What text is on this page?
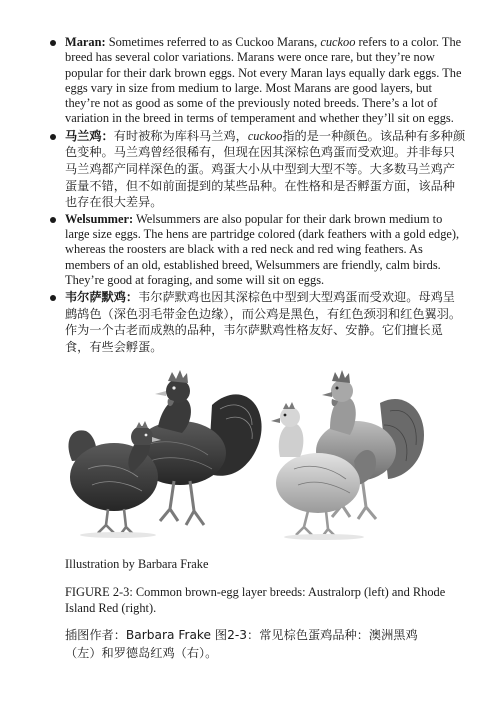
Maran: Sometimes referred to as Cuckoo Marans, cuckoo refers to a color. The breed has several color variations. Marans were once rare, but they’re now popular for their dark brown eggs. Not every Maran lays equally dark eggs. The eggs vary in size from medium to large. Most Marans are good layers, but they’re not as good as some of the previously noted breeds. There’s a lot of variation in the breed in terms of temperament and whether they’ll sit on eggs.
马兰鸡：有时被称为库科马兰鸡，cuckoo指的是一种颜色。该品种有多种颜色变种。马兰鸡曾经很稀有，但现在因其深棕色鸡蛋而受欢迎。并非每只马兰鸡都产同样深色的蛋。鸡蛋大小从中型到大型不等。大多数马兰鸡产蛋量不错，但不如前面提到的某些品种。在性格和是否孵蛋方面，该品种也存在很大差异。
Welsummer: Welsummers are also popular for their dark brown medium to large size eggs. The hens are partridge colored (dark feathers with a gold edge), whereas the roosters are black with a red neck and red wing feathers. As members of an old, established breed, Welsummers are friendly, calm birds. They’re good at foraging, and some will sit on eggs.
韦尔萨默鸡：韦尔萨默鸡也因其深棕色中型到大型鸡蛋而受欢迎。母鸡呈鹧鸪色（深色羽毛带金色边缘），而公鸡是黑色，有红色颈羽和红色翼羽。作为一个古老而成熟的品种，韦尔萨默鸡性格友好、安静。它们擅长觅食，有些会孵蛋。
Illustration by Barbara Frake
FIGURE 2-3: Common brown-egg layer breeds: Australorp (left) and Rhode Island Red (right).
插图作者：Barbara Frake 图2-3：常见棕色蛋鸡品种：澳洲黑鸡（左）和罗德岛红鸡（右）。
